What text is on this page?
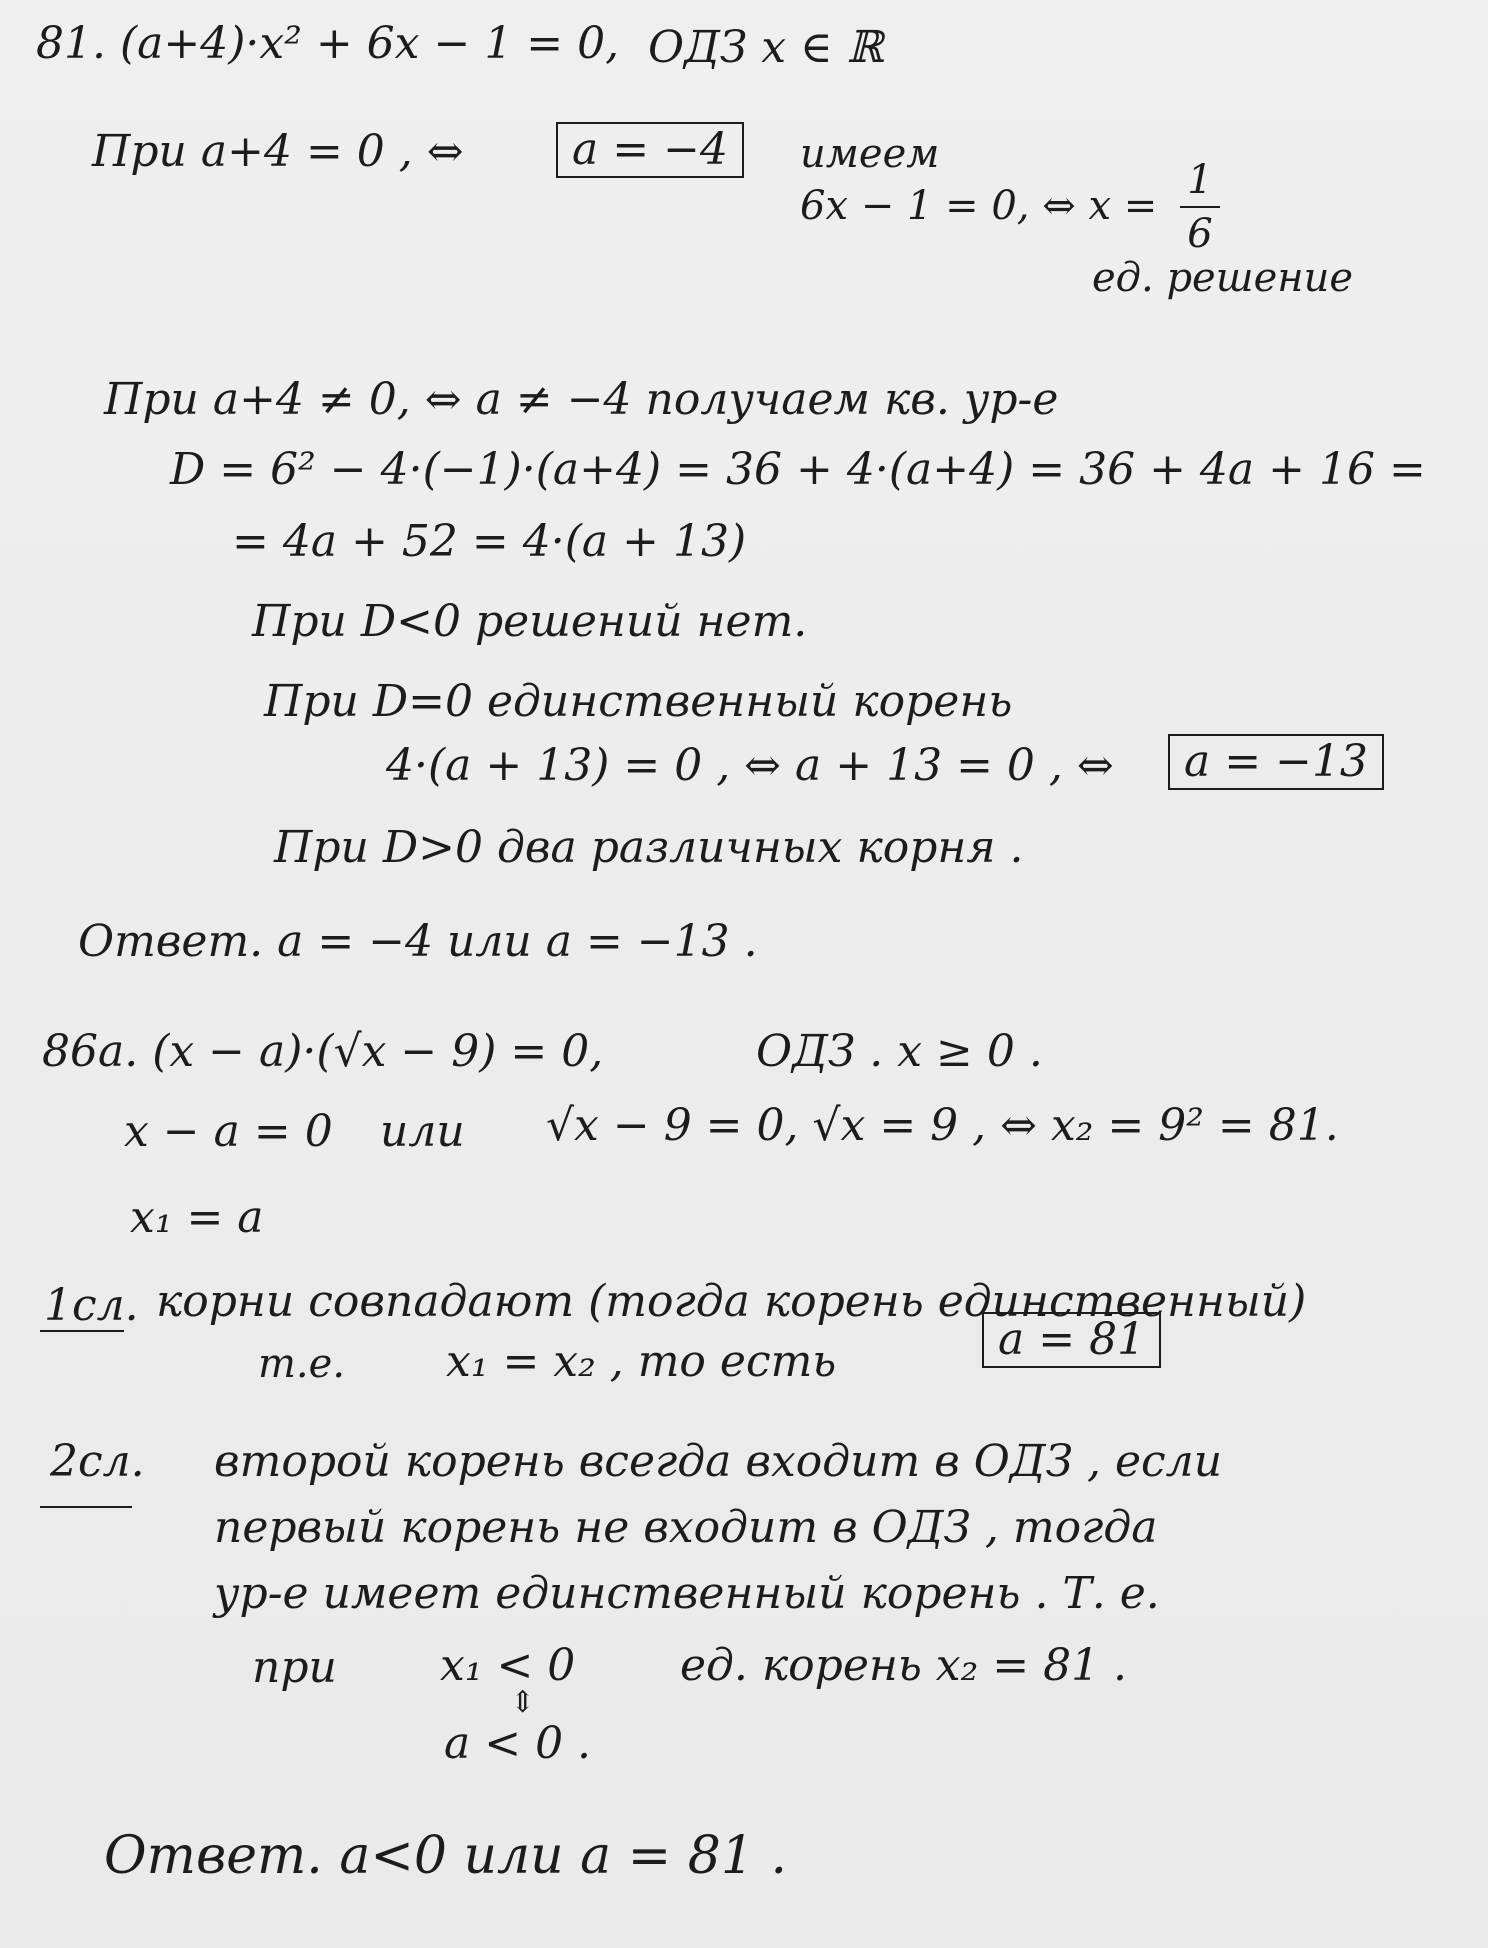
81. (a+4)·x² + 6x − 1 = 0, ОДЗ x ∈ ℝ
При a+4 = 0 , ⇔	a = −4	имеем
6x − 1 = 0, ⇔ x =
1
6
ед. решение
При a+4 ≠ 0, ⇔ a ≠ −4 получаем кв. ур-е
D = 6² − 4·(−1)·(a+4) = 36 + 4·(a+4) = 36 + 4a + 16 =
= 4a + 52 = 4·(a + 13)
При D<0 решений нет.
При D=0 единственный корень
4·(a + 13) = 0 , ⇔ a + 13 = 0 , ⇔	a = −13
При D>0 два различных корня .
Ответ. a = −4 или a = −13 .
86a. (x − a)·(√x − 9) = 0,	ОДЗ . x ≥ 0 .
x − a = 0 или √x − 9 = 0, √x = 9 , ⇔ x₂ = 9² = 81.
x₁ = a
1сл. корни совпадают (тогда корень единственный)
т.е. x₁ = x₂ , то есть	a = 81
2сл. второй корень всегда входит в ОДЗ , если
первый корень не входит в ОДЗ , тогда
ур-е имеет единственный корень . Т. е.
при x₁ < 0 ед. корень x₂ = 81 .
⇕
a < 0 .
Ответ. a<0 или a = 81 .
